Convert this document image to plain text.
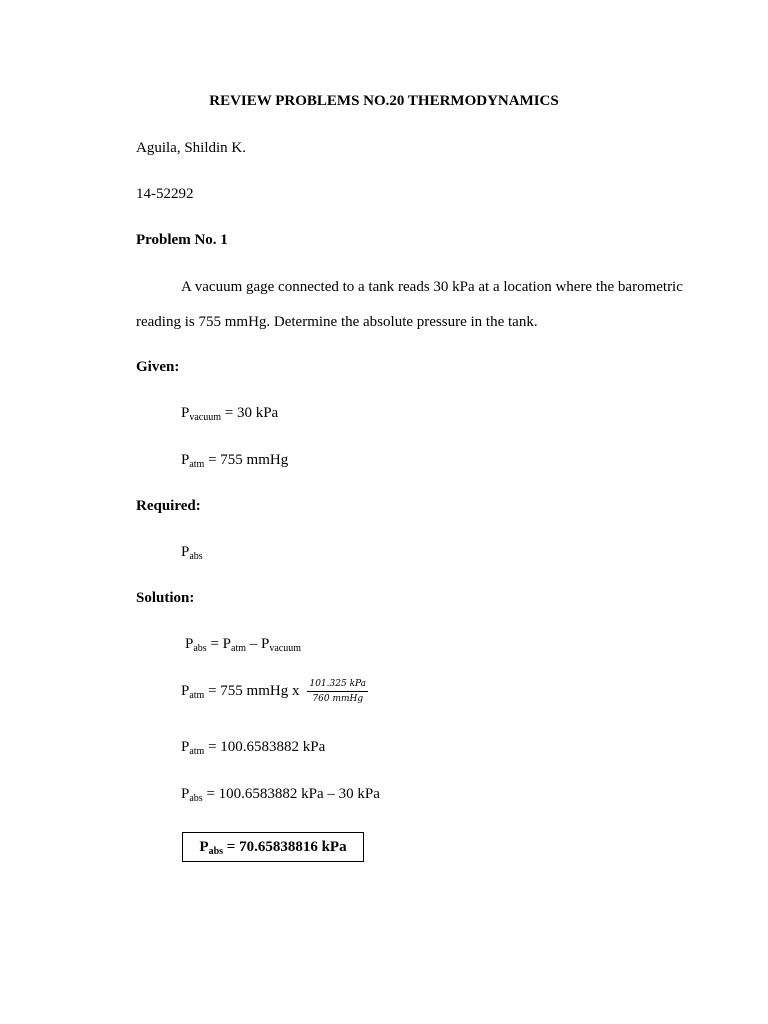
REVIEW PROBLEMS NO.20 THERMODYNAMICS
Aguila, Shildin K.
14-52292
Problem No. 1
A vacuum gage connected to a tank reads 30 kPa at a location where the barometric
reading is 755 mmHg. Determine the absolute pressure in the tank.
Given:
$P_{vacuum} = 30$ kPa
$P_{atm} = 755$ mmHg
Required:
$P_{abs}$
Solution:
$P_{abs} = P_{atm} - P_{vacuum}$
$P_{atm} = 755$ mmHg x $\frac{\text{101.325 kPa}}{\text{760 mmHg}}$
$P_{atm} = 100.6583882$ kPa
$P_{abs} = 100.6583882$ kPa – 30 kPa
$P_{abs} = 70.65838816$ kPa
